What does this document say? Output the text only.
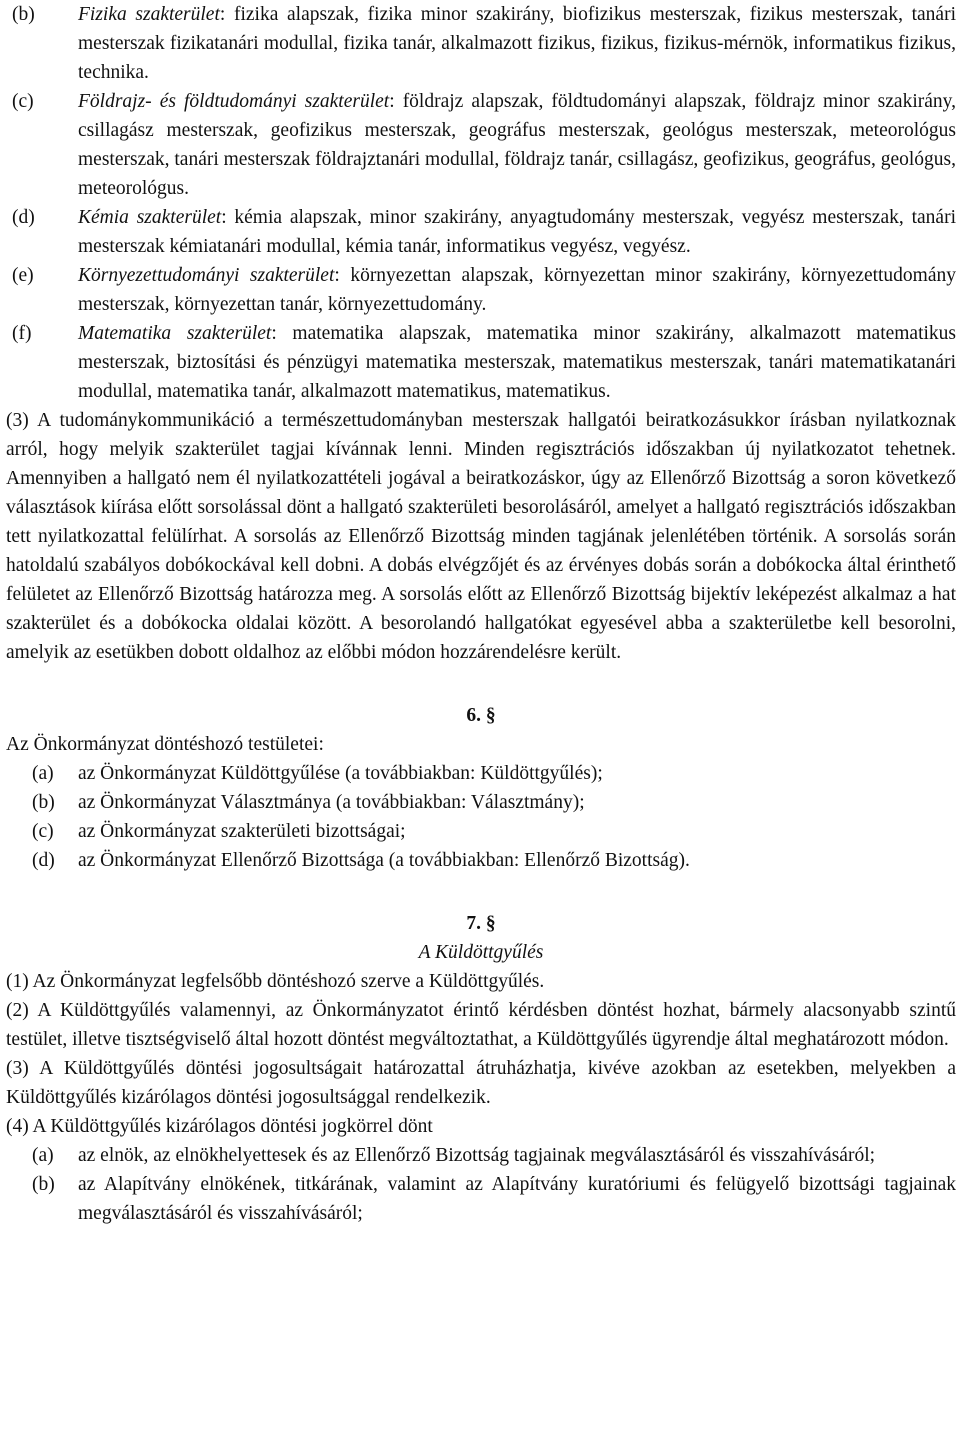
(b) Fizika szakterület: fizika alapszak, fizika minor szakirány, biofizikus mesterszak, fizikus mesterszak, tanári mesterszak fizikatanári modullal, fizika tanár, alkalmazott fizikus, fizikus, fizikus-mérnök, informatikus fizikus, technika.
(c) Földrajz- és földtudományi szakterület: földrajz alapszak, földtudományi alapszak, földrajz minor szakirány, csillagász mesterszak, geofizikus mesterszak, geográfus mesterszak, geológus mesterszak, meteorológus mesterszak, tanári mesterszak földrajztanári modullal, földrajz tanár, csillagász, geofizikus, geográfus, geológus, meteorológus.
(d) Kémia szakterület: kémia alapszak, minor szakirány, anyagtudomány mesterszak, vegyész mesterszak, tanári mesterszak kémiatanári modullal, kémia tanár, informatikus vegyész, vegyész.
(e) Környezettudományi szakterület: környezettan alapszak, környezettan minor szakirány, környezettudomány mesterszak, környezettan tanár, környezettudomány.
(f) Matematika szakterület: matematika alapszak, matematika minor szakirány, alkalmazott matematikus mesterszak, biztosítási és pénzügyi matematika mesterszak, matematikus mesterszak, tanári matematikatanári modullal, matematika tanár, alkalmazott matematikus, matematikus.
(3) A tudománykommunikáció a természettudományban mesterszak hallgatói beiratkozásukkor írásban nyilatkoznak arról, hogy melyik szakterület tagjai kívánnak lenni. Minden regisztrációs időszakban új nyilatkozatot tehetnek. Amennyiben a hallgató nem él nyilatkozattételi jogával a beiratkozáskor, úgy az Ellenőrző Bizottság a soron következő választások kiírása előtt sorsolással dönt a hallgató szakterületi besorolásáról, amelyet a hallgató regisztrációs időszakban tett nyilatkozattal felülírhat. A sorsolás az Ellenőrző Bizottság minden tagjának jelenlétében történik. A sorsolás során hatoldalú szabályos dobókockával kell dobni. A dobás elvégzőjét és az érvényes dobás során a dobókocka által érinthető felületet az Ellenőrző Bizottság határozza meg. A sorsolás előtt az Ellenőrző Bizottság bijektív leképezést alkalmaz a hat szakterület és a dobókocka oldalai között. A besorolandó hallgatókat egyesével abba a szakterületbe kell besorolni, amelyik az esetükben dobott oldalhoz az előbbi módon hozzárendelésre került.
6. §
Az Önkormányzat döntéshozó testületei:
(a) az Önkormányzat Küldöttgyűlése (a továbbiakban: Küldöttgyűlés);
(b) az Önkormányzat Választmánya (a továbbiakban: Választmány);
(c) az Önkormányzat szakterületi bizottságai;
(d) az Önkormányzat Ellenőrző Bizottsága (a továbbiakban: Ellenőrző Bizottság).
7. §
A Küldöttgyűlés
(1) Az Önkormányzat legfelsőbb döntéshozó szerve a Küldöttgyűlés.
(2) A Küldöttgyűlés valamennyi, az Önkormányzatot érintő kérdésben döntést hozhat, bármely alacsonyabb szintű testület, illetve tisztségviselő által hozott döntést megváltoztathat, a Küldöttgyűlés ügyrendje által meghatározott módon.
(3) A Küldöttgyűlés döntési jogosultságait határozattal átruházhatja, kivéve azokban az esetekben, melyekben a Küldöttgyűlés kizárólagos döntési jogosultsággal rendelkezik.
(4) A Küldöttgyűlés kizárólagos döntési jogkörrel dönt
(a) az elnök, az elnökhelyettesek és az Ellenőrző Bizottság tagjainak megválasztásáról és visszahívásáról;
(b) az Alapítvány elnökének, titkárának, valamint az Alapítvány kuratóriumi és felügyelő bizottsági tagjainak megválasztásáról és visszahívásáról;
